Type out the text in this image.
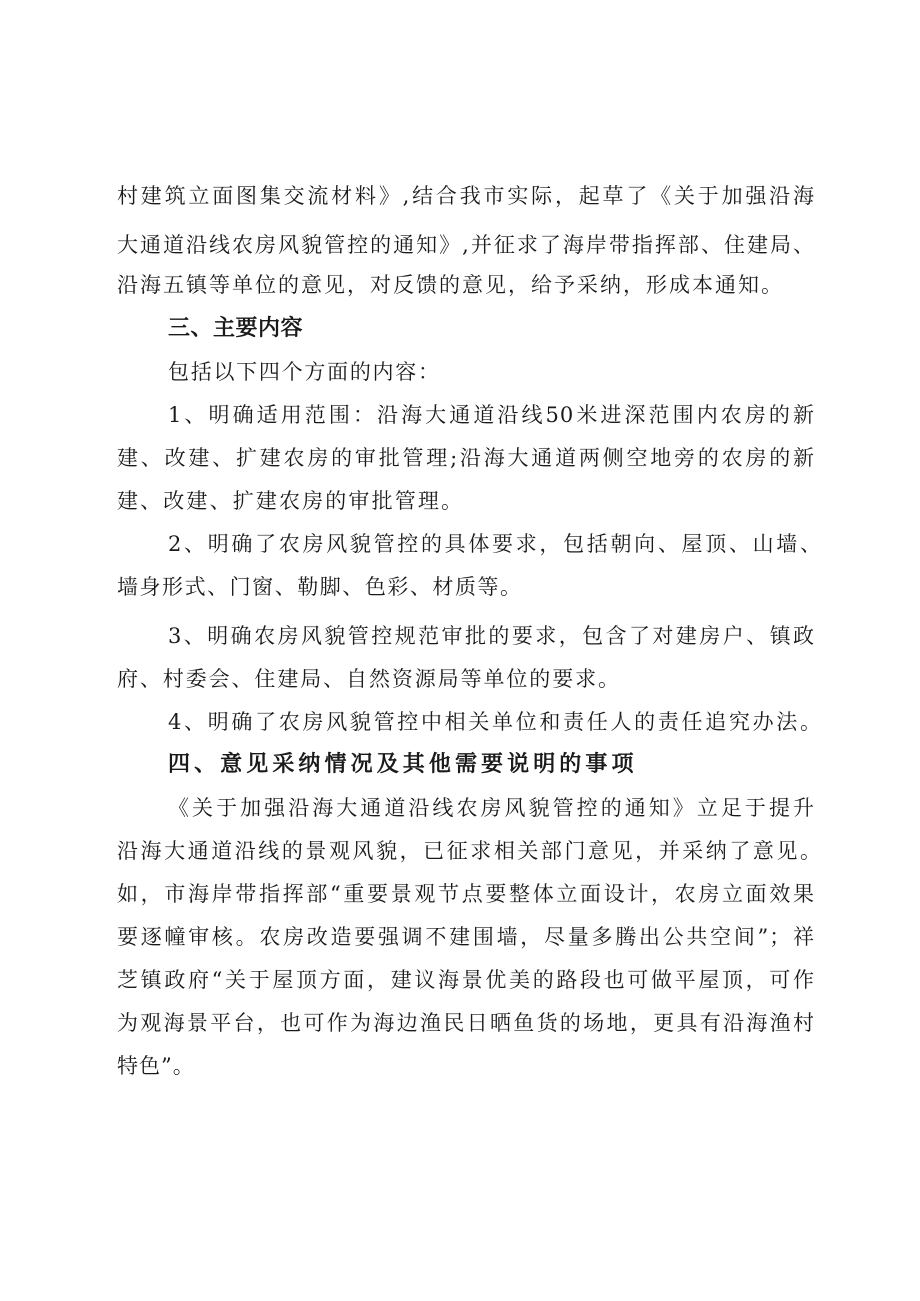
村建筑立面图集交流材料》,结合我市实际，起草了《关于加强沿海
大通道沿线农房风貌管控的通知》,并征求了海岸带指挥部、住建局、
沿海五镇等单位的意见，对反馈的意见，给予采纳，形成本通知。
三、主要内容
包括以下四个方面的内容：
1、明确适用范围：沿海大通道沿线50米进深范围内农房的新
建、改建、扩建农房的审批管理;沿海大通道两侧空地旁的农房的新
建、改建、扩建农房的审批管理。
2、明确了农房风貌管控的具体要求，包括朝向、屋顶、山墙、
墙身形式、门窗、勒脚、色彩、材质等。
3、明确农房风貌管控规范审批的要求，包含了对建房户、镇政
府、村委会、住建局、自然资源局等单位的要求。
4、明确了农房风貌管控中相关单位和责任人的责任追究办法。
四、意见采纳情况及其他需要说明的事项
《关于加强沿海大通道沿线农房风貌管控的通知》立足于提升
沿海大通道沿线的景观风貌，已征求相关部门意见，并采纳了意见。
如，市海岸带指挥部“重要景观节点要整体立面设计，农房立面效果
要逐幢审核。农房改造要强调不建围墙，尽量多腾出公共空间”；祥
芝镇政府“关于屋顶方面，建议海景优美的路段也可做平屋顶，可作
为观海景平台，也可作为海边渔民日晒鱼货的场地，更具有沿海渔村
特色”。
